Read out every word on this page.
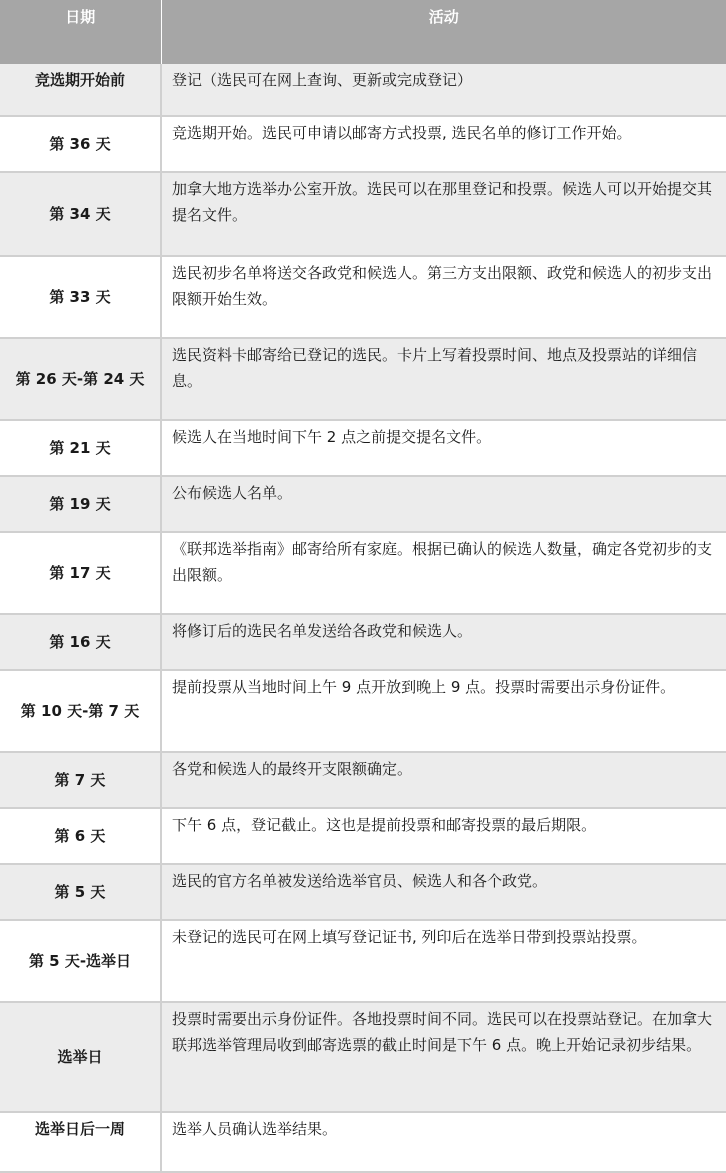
日期	活动
竞选期开始前	登记（选民可在网上查询、更新或完成登记）
第 36 天	竞选期开始。选民可申请以邮寄方式投票, 选民名单的修订工作开始。
第 34 天	加拿大地方选举办公室开放。选民可以在那里登记和投票。候选人可以开始提交其提名文件。
第 33 天	选民初步名单将送交各政党和候选人。第三方支出限额、政党和候选人的初步支出限额开始生效。
第 26 天-第 24 天	选民资料卡邮寄给已登记的选民。卡片上写着投票时间、地点及投票站的详细信息。
第 21 天	候选人在当地时间下午 2 点之前提交提名文件。
第 19 天	公布候选人名单。
第 17 天	《联邦选举指南》邮寄给所有家庭。根据已确认的候选人数量，确定各党初步的支出限额。
第 16 天	将修订后的选民名单发送给各政党和候选人。
第 10 天-第 7 天	提前投票从当地时间上午 9 点开放到晚上 9 点。投票时需要出示身份证件。
第 7 天	各党和候选人的最终开支限额确定。
第 6 天	下午 6 点，登记截止。这也是提前投票和邮寄投票的最后期限。
第 5 天	选民的官方名单被发送给选举官员、候选人和各个政党。
第 5 天-选举日	未登记的选民可在网上填写登记证书, 列印后在选举日带到投票站投票。
选举日	投票时需要出示身份证件。各地投票时间不同。选民可以在投票站登记。在加拿大联邦选举管理局收到邮寄选票的截止时间是下午 6 点。晚上开始记录初步结果。
选举日后一周	选举人员确认选举结果。
